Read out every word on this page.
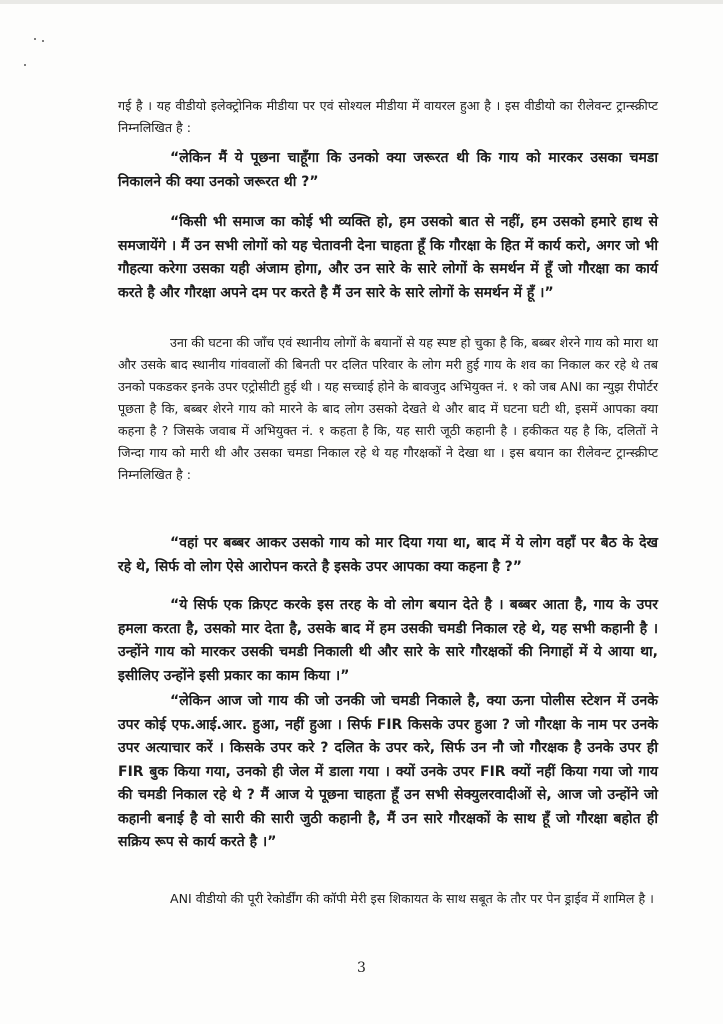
गई है । यह वीडीयो इलेक्ट्रोनिक मीडीया पर एवं सोश्यल मीडीया में वायरल हुआ है । इस वीडीयो का रीलेवन्ट ट्रान्स्क्रीप्ट निम्नलिखित है :

“लेकिन मैं ये पूछना चाहूँगा कि उनको क्या जरूरत थी कि गाय को मारकर उसका चमडा निकालने की क्या उनको जरूरत थी ?”

“किसी भी समाज का कोई भी व्यक्ति हो, हम उसको बात से नहीं, हम उसको हमारे हाथ से समजायेंगे । मैं उन सभी लोगों को यह चेतावनी देना चाहता हूँ कि गौरक्षा के हित में कार्य करो, अगर जो भी गौहत्या करेगा उसका यही अंजाम होगा, और उन सारे के सारे लोगों के समर्थन में हूँ जो गौरक्षा का कार्य करते है और गौरक्षा अपने दम पर करते है मैं उन सारे के सारे लोगों के समर्थन में हूँ ।”

उना की घटना की जाँच एवं स्थानीय लोगों के बयानों से यह स्पष्ट हो चुका है कि, बब्बर शेरने गाय को मारा था और उसके बाद स्थानीय गांववालों की बिनती पर दलित परिवार के लोग मरी हुई गाय के शव का निकाल कर रहे थे तब उनको पकडकर इनके उपर एट्रोसीटी हुई थी । यह सच्चाई होने के बावजुद अभियुक्त नं. १ को जब ANI का न्युझ रीपोर्टर पूछता है कि, बब्बर शेरने गाय को मारने के बाद लोग उसको देखते थे और बाद में घटना घटी थी, इसमें आपका क्या कहना है ? जिसके जवाब में अभियुक्त नं. १ कहता है कि, यह सारी जूठी कहानी है । हकीकत यह है कि, दलितों ने जिन्दा गाय को मारी थी और उसका चमडा निकाल रहे थे यह गौरक्षकों ने देखा था । इस बयान का रीलेवन्ट ट्रान्स्क्रीप्ट निम्नलिखित है :

“वहां पर बब्बर आकर उसको गाय को मार दिया गया था, बाद में ये लोग वहाँ पर बैठ के देख रहे थे, सिर्फ वो लोग ऐसे आरोपन करते है इसके उपर आपका क्या कहना है ?”

“ये सिर्फ एक क्रिएट करके इस तरह के वो लोग बयान देते है । बब्बर आता है, गाय के उपर हमला करता है, उसको मार देता है, उसके बाद में हम उसकी चमडी निकाल रहे थे, यह सभी कहानी है । उन्होंने गाय को मारकर उसकी चमडी निकाली थी और सारे के सारे गौरक्षकों की निगाहों में ये आया था, इसीलिए उन्होंने इसी प्रकार का काम किया ।”

“लेकिन आज जो गाय की जो उनकी जो चमडी निकाले है, क्या ऊना पोलीस स्टेशन में उनके उपर कोई एफ.आई.आर. हुआ, नहीं हुआ । सिर्फ FIR किसके उपर हुआ ? जो गौरक्षा के नाम पर उनके उपर अत्याचार करें । किसके उपर करे ? दलित के उपर करे, सिर्फ उन नौ जो गौरक्षक है उनके उपर ही FIR बुक किया गया, उनको ही जेल में डाला गया । क्यों उनके उपर FIR क्यों नहीं किया गया जो गाय की चमडी निकाल रहे थे ? मैं आज ये पूछना चाहता हूँ उन सभी सेक्युलरवादीओं से, आज जो उन्होंने जो कहानी बनाई है वो सारी की सारी जुठी कहानी है, मैं उन सारे गौरक्षकों के साथ हूँ जो गौरक्षा बहोत ही सक्रिय रूप से कार्य करते है ।”

ANI वीडीयो की पूरी रेकोर्डींग की कॉपी मेरी इस शिकायत के साथ सबूत के तौर पर पेन ड्राईव में शामिल है ।

3
